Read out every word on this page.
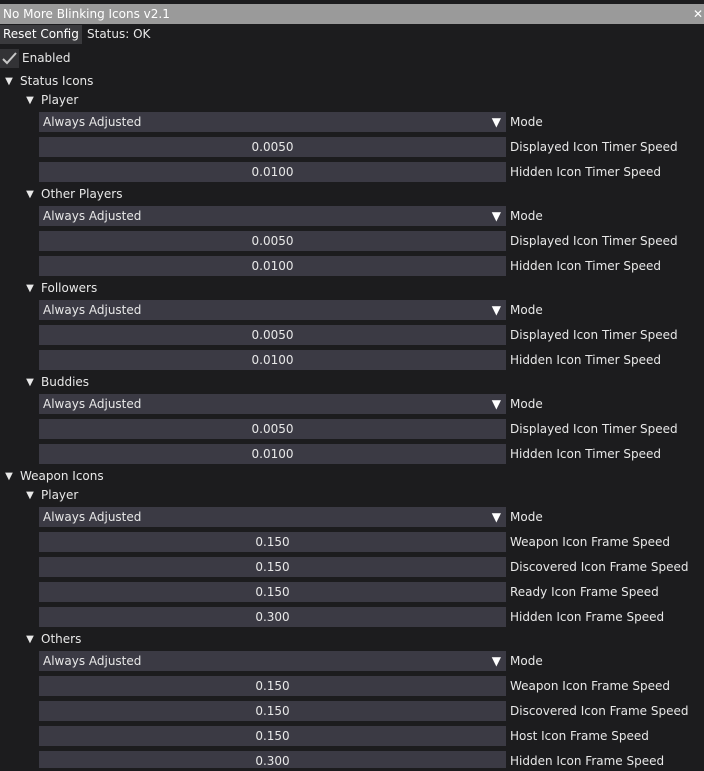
No More Blinking Icons v2.1	✕
Reset Config Status: OK
Enabled
▼ Status Icons
▼ Player
Always Adjusted	▼ Mode
0.0050	Displayed Icon Timer Speed
0.0100	Hidden Icon Timer Speed
▼ Other Players
Always Adjusted	▼ Mode
0.0050	Displayed Icon Timer Speed
0.0100	Hidden Icon Timer Speed
▼ Followers
Always Adjusted	▼ Mode
0.0050	Displayed Icon Timer Speed
0.0100	Hidden Icon Timer Speed
▼ Buddies
Always Adjusted	▼ Mode
0.0050	Displayed Icon Timer Speed
0.0100	Hidden Icon Timer Speed
▼ Weapon Icons
▼ Player
Always Adjusted	▼ Mode
0.150	Weapon Icon Frame Speed
0.150	Discovered Icon Frame Speed
0.150	Ready Icon Frame Speed
0.300	Hidden Icon Frame Speed
▼ Others
Always Adjusted	▼ Mode
0.150	Weapon Icon Frame Speed
0.150	Discovered Icon Frame Speed
0.150	Host Icon Frame Speed
0.300	Hidden Icon Frame Speed
